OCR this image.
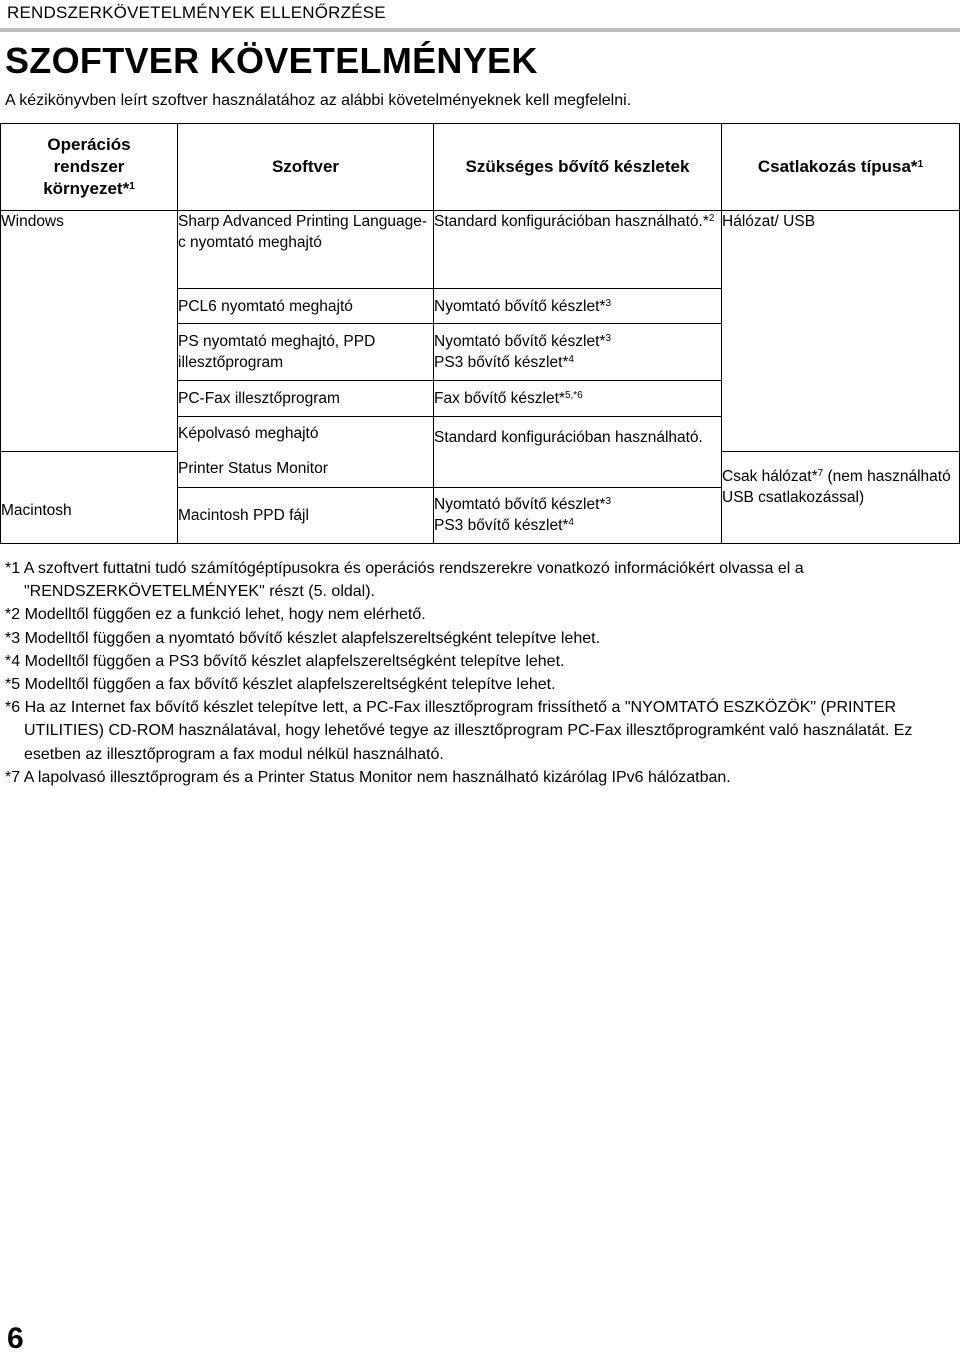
RENDSZERKÖVETELMÉNYEK ELLENŐRZÉSE
SZOFTVER KÖVETELMÉNYEK
A kézikönyvben leírt szoftver használatához az alábbi követelményeknek kell megfelelni.
Operációs rendszer környezet*$^1$	Szoftver	Szükséges bővítő készletek	Csatlakozás típusa*$^1$
Windows	Sharp Advanced Printing Language-c nyomtató meghajtó	Standard konfigurációban használható.*$^2$	Hálózat/ USB
	PCL6 nyomtató meghajtó	Nyomtató bővítő készlet*$^3$
	PS nyomtató meghajtó, PPD illesztőprogram	Nyomtató bővítő készlet*$^3$
PS3 bővítő készlet*$^4$

	PC-Fax illesztőprogram	Fax bővítő készlet*$^{5,*6}$
	Képolvasó meghajtó	Standard konfigurációban használható.	
Macintosh	Printer Status Monitor		Csak hálózat*$^7$ (nem használható USB csatlakozással)
	Macintosh PPD fájl	Nyomtató bővítő készlet*$^3$
PS3 bővítő készlet*$^4$
*1 A szoftvert futtatni tudó számítógéptípusokra és operációs rendszerekre vonatkozó információkért olvassa el a "RENDSZERKÖVETELMÉNYEK" részt (5. oldal).
*2 Modelltől függően ez a funkció lehet, hogy nem elérhető.
*3 Modelltől függően a nyomtató bővítő készlet alapfelszereltségként telepítve lehet.
*4 Modelltől függően a PS3 bővítő készlet alapfelszereltségként telepítve lehet.
*5 Modelltől függően a fax bővítő készlet alapfelszereltségként telepítve lehet.
*6 Ha az Internet fax bővítő készlet telepítve lett, a PC-Fax illesztőprogram frissíthető a "NYOMTATÓ ESZKÖZÖK" (PRINTER UTILITIES) CD-ROM használatával, hogy lehetővé tegye az illesztőprogram PC-Fax illesztőprogramként való használatát. Ez esetben az illesztőprogram a fax modul nélkül használható.
*7 A lapolvasó illesztőprogram és a Printer Status Monitor nem használható kizárólag IPv6 hálózatban.
6
